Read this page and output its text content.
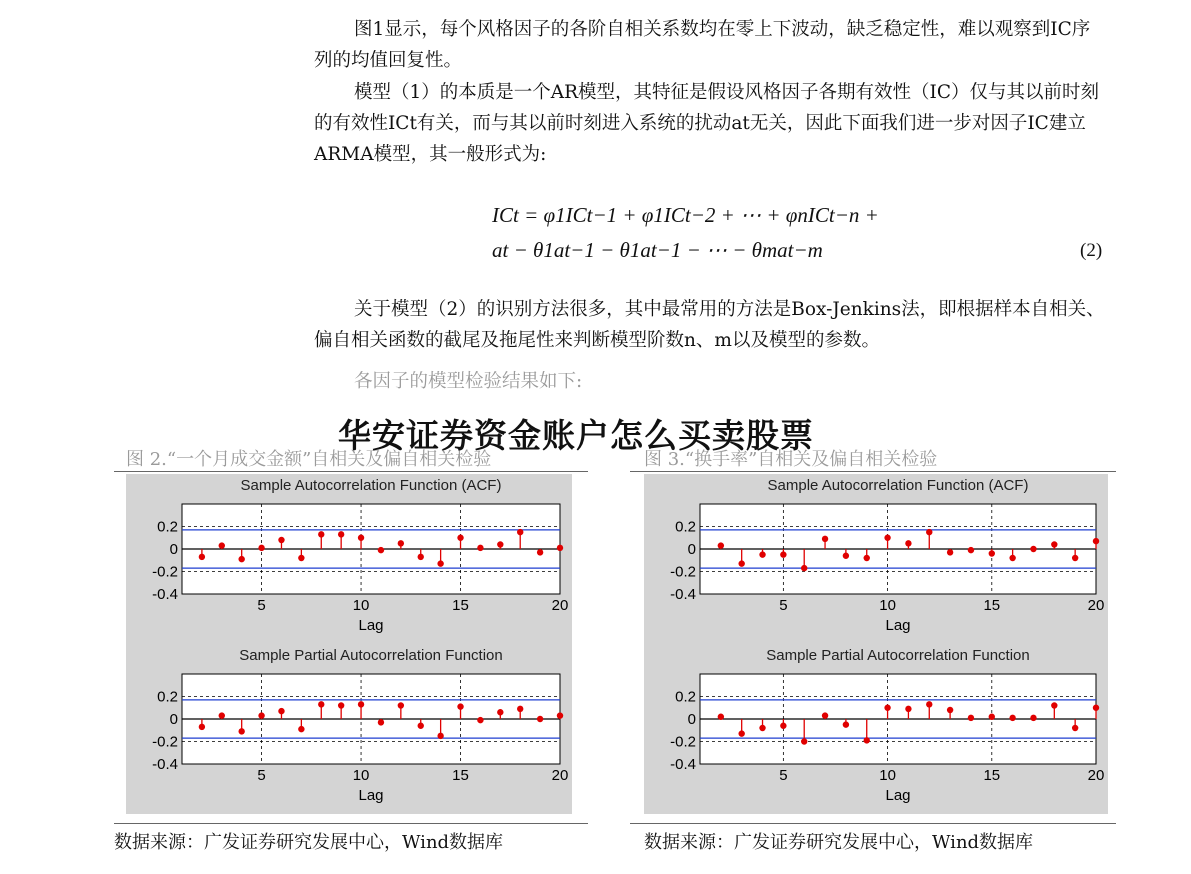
图1显示，每个风格因子的各阶自相关系数均在零上下波动，缺乏稳定性，难以观察到IC序列的均值回复性。

模型（1）的本质是一个AR模型，其特征是假设风格因子各期有效性（IC）仅与其以前时刻的有效性ICt有关，而与其以前时刻进入系统的扰动at无关，因此下面我们进一步对因子IC建立ARMA模型，其一般形式为:

ICt = φ1ICt−1 + φ1ICt−2 + ⋯ + φnICt−n +
at − θ1at−1 − θ1at−1 − ⋯ − θmat−m	(2)

关于模型（2）的识别方法很多，其中最常用的方法是Box-Jenkins法，即根据样本自相关、偏自相关函数的截尾及拖尾性来判断模型阶数n、m以及模型的参数。

各因子的模型检验结果如下:

华安证券资金账户怎么买卖股票
图 2.“一个月成交金额”自相关及偏自相关检验
Sample Autocorrelation Function (ACF)
5	10	15	20
0.2
0
-0.2
-0.4
Lag
Sample Partial Autocorrelation Function
5	10	15	20
0.2
0
-0.2
-0.4
Lag
数据来源：广发证券研究发展中心，Wind数据库
图 3.“换手率”自相关及偏自相关检验
Sample Autocorrelation Function (ACF)
5	10	15	20
0.2
0
-0.2
-0.4
Lag
Sample Partial Autocorrelation Function
5	10	15	20
0.2
0
-0.2
-0.4
Lag
数据来源：广发证券研究发展中心，Wind数据库
